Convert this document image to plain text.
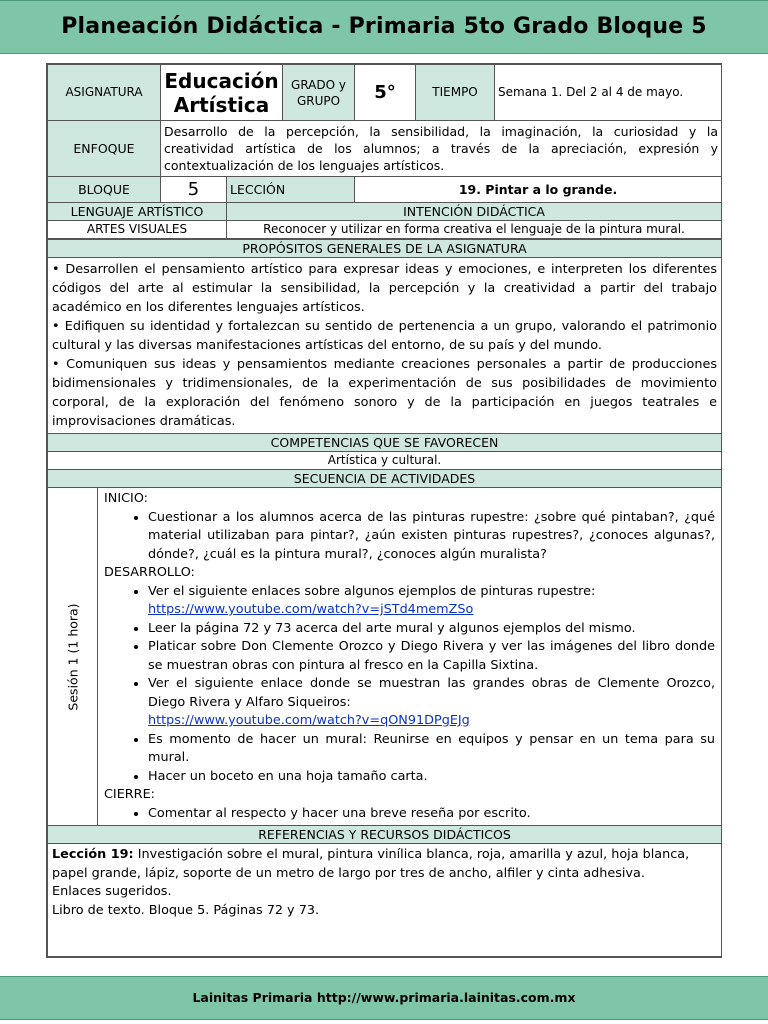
Planeación Didáctica - Primaria 5to Grado Bloque 5
ASIGNATURA	Educación Artística		GRADO y GRUPO	5°	TIEMPO	Semana 1. Del 2 al 4 de mayo.
ENFOQUE	Desarrollo de la percepción, la sensibilidad, la imaginación, la curiosidad y la creatividad artística de los alumnos; a través de la apreciación, expresión y contextualización de los lenguajes artísticos.					
BLOQUE	5	LECCIÓN		19. Pintar a lo grande.		
LENGUAJE ARTÍSTICO		INTENCIÓN DIDÁCTICA				
ARTES VISUALES		Reconocer y utilizar en forma creativa el lenguaje de la pintura mural.				
PROPÓSITOS GENERALES DE LA ASIGNATURA

• Desarrollen el pensamiento artístico para expresar ideas y emociones, e interpreten los diferentes códigos del arte al estimular la sensibilidad, la percepción y la creatividad a partir del trabajo académico en los diferentes lenguajes artísticos.
• Edifiquen su identidad y fortalezcan su sentido de pertenencia a un grupo, valorando el patrimonio cultural y las diversas manifestaciones artísticas del entorno, de su país y del mundo.
• Comuniquen sus ideas y pensamientos mediante creaciones personales a partir de producciones bidimensionales y tridimensionales, de la experimentación de sus posibilidades de movimiento corporal, de la exploración del fenómeno sonoro y de la participación en juegos teatrales e improvisaciones dramáticas.

COMPETENCIAS QUE SE FAVORECEN
Artística y cultural.
SECUENCIA DE ACTIVIDADES

Sesión 1 (1 hora)

INICIO:
• Cuestionar a los alumnos acerca de las pinturas rupestre: ¿sobre qué pintaban?, ¿qué material utilizaban para pintar?, ¿aún existen pinturas rupestres?, ¿conoces algunas?, dónde?, ¿cuál es la pintura mural?, ¿conoces algún muralista?
DESARROLLO:
• Ver el siguiente enlaces sobre algunos ejemplos de pinturas rupestre:
https://www.youtube.com/watch?v=jSTd4memZSo
• Leer la página 72 y 73 acerca del arte mural y algunos ejemplos del mismo.
• Platicar sobre Don Clemente Orozco y Diego Rivera y ver las imágenes del libro donde se muestran obras con pintura al fresco en la Capilla Sixtina.
• Ver el siguiente enlace donde se muestran las grandes obras de Clemente Orozco, Diego Rivera y Alfaro Siqueiros:
https://www.youtube.com/watch?v=qON91DPgEJg
• Es momento de hacer un mural: Reunirse en equipos y pensar en un tema para su mural.
• Hacer un boceto en una hoja tamaño carta.
CIERRE:
• Comentar al respecto y hacer una breve reseña por escrito.

REFERENCIAS Y RECURSOS DIDÁCTICOS

Lección 19: Investigación sobre el mural, pintura vinílica blanca, roja, amarilla y azul, hoja blanca, papel grande, lápiz, soporte de un metro de largo por tres de ancho, alfiler y cinta adhesiva.
Enlaces sugeridos.
Libro de texto. Bloque 5. Páginas 72 y 73.

Lainitas Primaria http://www.primaria.lainitas.com.mx
